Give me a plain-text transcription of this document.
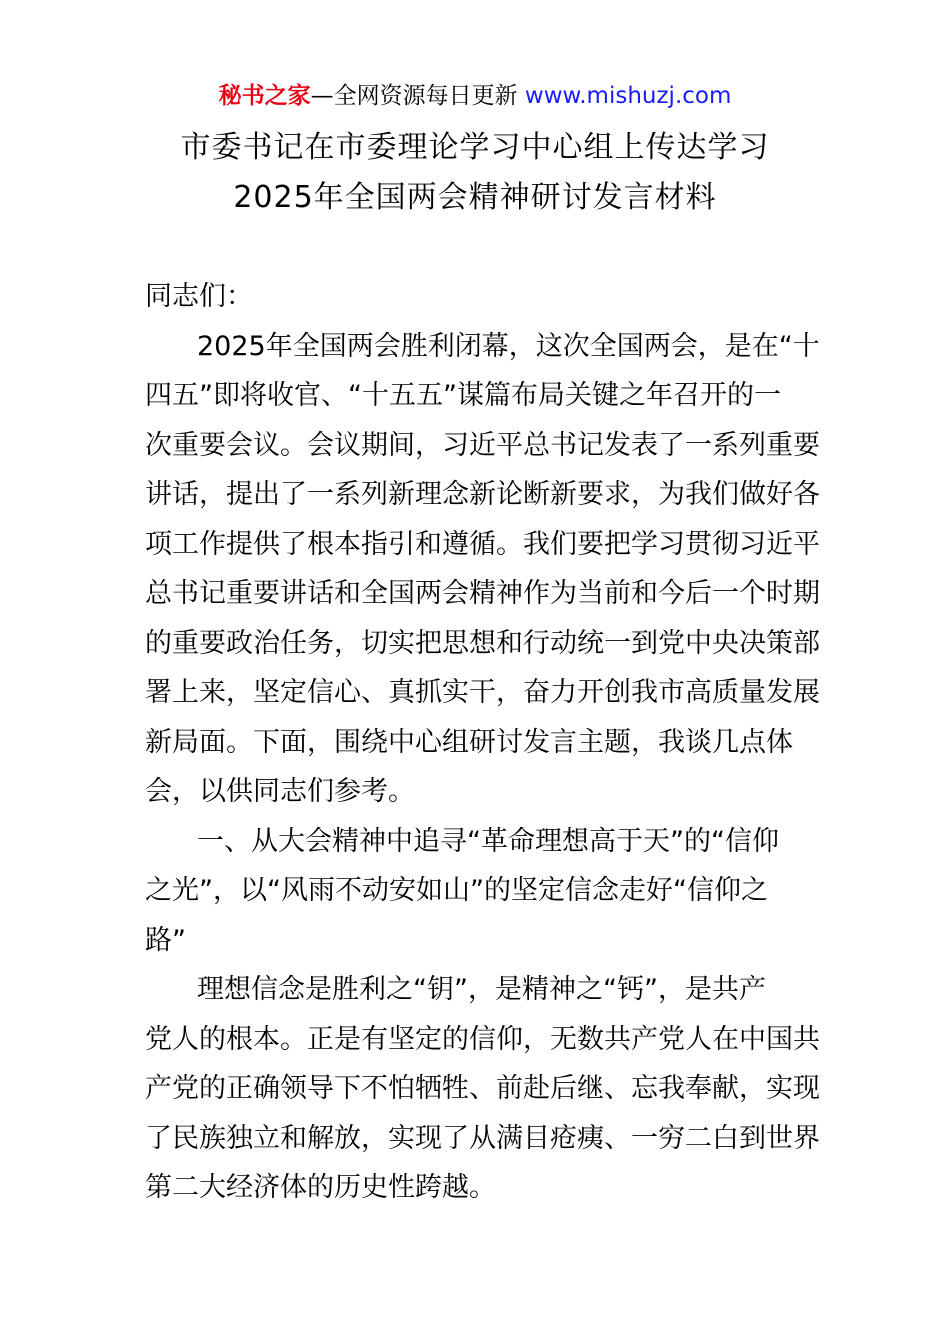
秘书之家—全网资源每日更新 www.mishuzj.com
市委书记在市委理论学习中心组上传达学习
2025年全国两会精神研讨发言材料
同志们：
2025年全国两会胜利闭幕，这次全国两会，是在“十
四五”即将收官、“十五五”谋篇布局关键之年召开的一
次重要会议。会议期间，习近平总书记发表了一系列重要
讲话，提出了一系列新理念新论断新要求，为我们做好各
项工作提供了根本指引和遵循。我们要把学习贯彻习近平
总书记重要讲话和全国两会精神作为当前和今后一个时期
的重要政治任务，切实把思想和行动统一到党中央决策部
署上来，坚定信心、真抓实干，奋力开创我市高质量发展
新局面。下面，围绕中心组研讨发言主题，我谈几点体
会，以供同志们参考。
一、从大会精神中追寻“革命理想高于天”的“信仰
之光”，以“风雨不动安如山”的坚定信念走好“信仰之
路”
理想信念是胜利之“钥”，是精神之“钙”，是共产
党人的根本。正是有坚定的信仰，无数共产党人在中国共
产党的正确领导下不怕牺牲、前赴后继、忘我奉献，实现
了民族独立和解放，实现了从满目疮痍、一穷二白到世界
第二大经济体的历史性跨越。
